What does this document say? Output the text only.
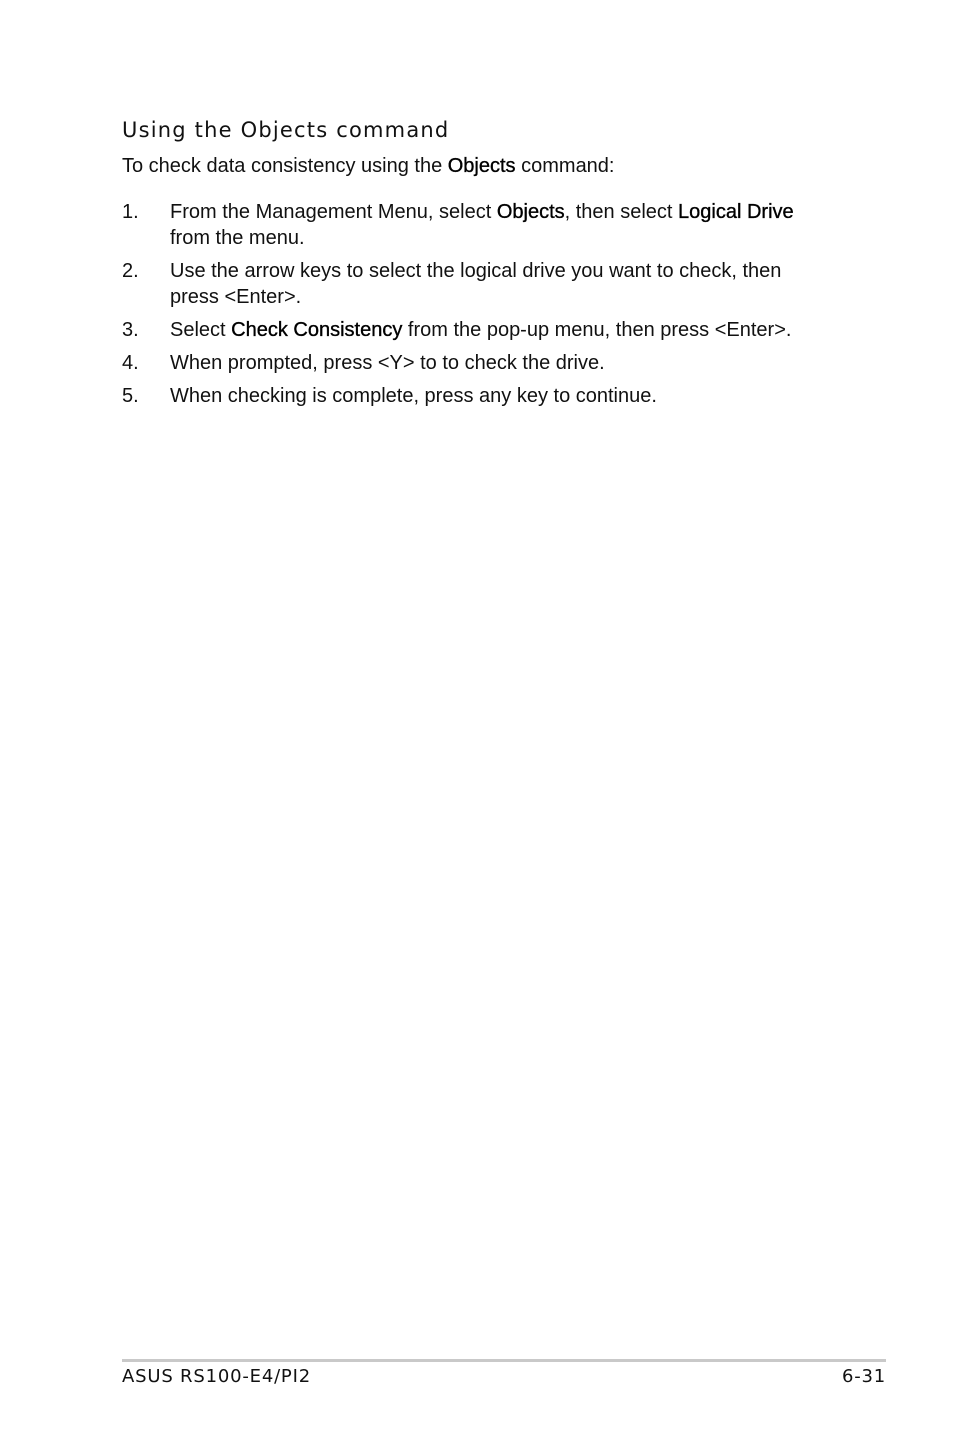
Using the Objects command

To check data consistency using the Objects command:

1. From the Management Menu, select Objects, then select Logical Drive
from the menu.
2. Use the arrow keys to select the logical drive you want to check, then
press <Enter>.
3. Select Check Consistency from the pop-up menu, then press <Enter>.
4. When prompted, press <Y> to to check the drive.
5. When checking is complete, press any key to continue.
ASUS RS100-E4/PI2	6-31
